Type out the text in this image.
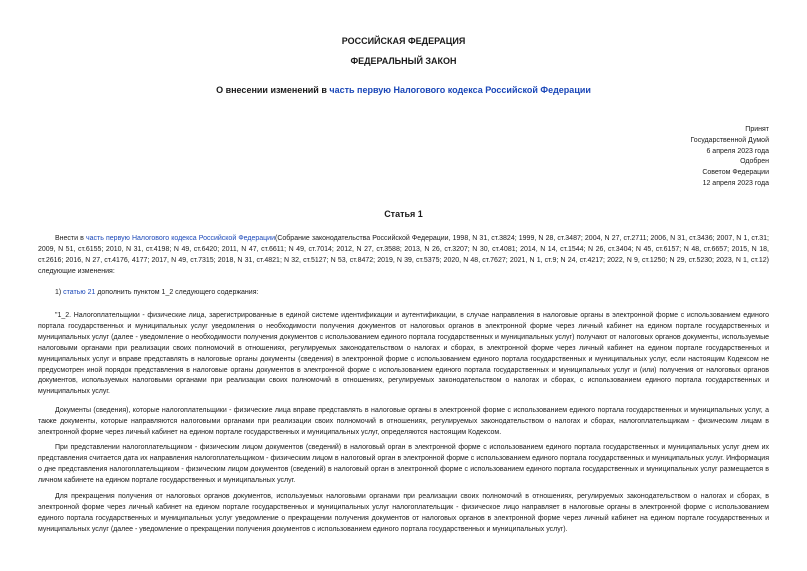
РОССИЙСКАЯ ФЕДЕРАЦИЯ
ФЕДЕРАЛЬНЫЙ ЗАКОН
О внесении изменений в часть первую Налогового кодекса Российской Федерации
Принят
Государственной Думой
6 апреля 2023 года
Одобрен
Советом Федерации
12 апреля 2023 года
Статья 1
Внести в часть первую Налогового кодекса Российской Федерации(Собрание законодательства Российской Федерации, 1998, N 31, ст.3824; 1999, N 28, ст.3487; 2004, N 27, ст.2711; 2006, N 31, ст.3436; 2007, N 1, ст.31; 2009, N 51, ст.6155; 2010, N 31, ст.4198; N 49, ст.6420; 2011, N 47, ст.6611; N 49, ст.7014; 2012, N 27, ст.3588; 2013, N 26, ст.3207; N 30, ст.4081; 2014, N 14, ст.1544; N 26, ст.3404; N 45, ст.6157; N 48, ст.6657; 2015, N 18, ст.2616; 2016, N 27, ст.4176, 4177; 2017, N 49, ст.7315; 2018, N 31, ст.4821; N 32, ст.5127; N 53, ст.8472; 2019, N 39, ст.5375; 2020, N 48, ст.7627; 2021, N 1, ст.9; N 24, ст.4217; 2022, N 9, ст.1250; N 29, ст.5230; 2023, N 1, ст.12) следующие изменения:
1) статью 21 дополнить пунктом 1_2 следующего содержания:
"1_2. Налогоплательщики - физические лица, зарегистрированные в единой системе идентификации и аутентификации, в случае направления в налоговые органы в электронной форме с использованием единого портала государственных и муниципальных услуг уведомления о необходимости получения документов от налоговых органов в электронной форме через личный кабинет на едином портале государственных и муниципальных услуг (далее - уведомление о необходимости получения документов с использованием единого портала государственных и муниципальных услуг) получают от налоговых органов документы, используемые налоговыми органами при реализации своих полномочий в отношениях, регулируемых законодательством о налогах и сборах, в электронной форме через личный кабинет на едином портале государственных и муниципальных услуг и вправе представлять в налоговые органы документы (сведения) в электронной форме с использованием единого портала государственных и муниципальных услуг, если настоящим Кодексом не предусмотрен иной порядок представления в налоговые органы документов в электронной форме с использованием единого портала государственных и муниципальных услуг и (или) получения от налоговых органов документов, используемых налоговыми органами при реализации своих полномочий в отношениях, регулируемых законодательством о налогах и сборах, с использованием единого портала государственных и муниципальных услуг.
Документы (сведения), которые налогоплательщики - физические лица вправе представлять в налоговые органы в электронной форме с использованием единого портала государственных и муниципальных услуг, а также документы, которые направляются налоговыми органами при реализации своих полномочий в отношениях, регулируемых законодательством о налогах и сборах, налогоплательщикам - физическим лицам в электронной форме через личный кабинет на едином портале государственных и муниципальных услуг, определяются настоящим Кодексом.
При представлении налогоплательщиком - физическим лицом документов (сведений) в налоговый орган в электронной форме с использованием единого портала государственных и муниципальных услуг днем их представления считается дата их направления налогоплательщиком - физическим лицом в налоговый орган в электронной форме с использованием единого портала государственных и муниципальных услуг. Информация о дне представления налогоплательщиком - физическим лицом документов (сведений) в налоговый орган в электронной форме с использованием единого портала государственных и муниципальных услуг размещается в личном кабинете на едином портале государственных и муниципальных услуг.
Для прекращения получения от налоговых органов документов, используемых налоговыми органами при реализации своих полномочий в отношениях, регулируемых законодательством о налогах и сборах, в электронной форме через личный кабинет на едином портале государственных и муниципальных услуг налогоплательщик - физическое лицо направляет в налоговые органы в электронной форме с использованием единого портала государственных и муниципальных услуг уведомление о прекращении получения документов от налоговых органов в электронной форме через личный кабинет на едином портале государственных и муниципальных услуг (далее - уведомление о прекращении получения документов с использованием единого портала государственных и муниципальных услуг).
